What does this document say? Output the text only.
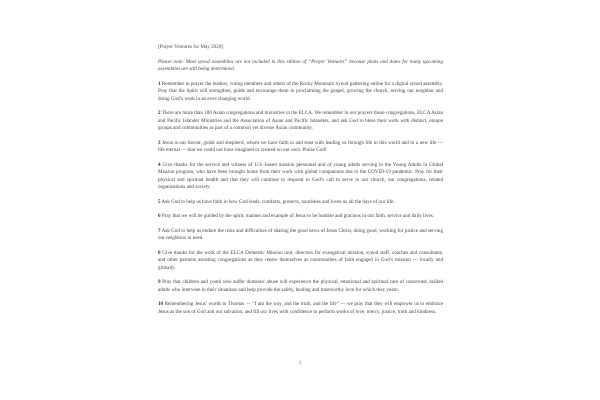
[Prayer Ventures for May 2020]
Please note: Most synod assemblies are not included in this edition of “Prayer Ventures” because plans and dates for many upcoming assemblies are still being determined.
1 Remember in prayer the leaders, voting members and others of the Rocky Mountain Synod gathering online for a digital synod assembly. Pray that the Spirit will strengthen, guide and encourage them in proclaiming the gospel, growing the church, serving our neighbor and doing God’s work in an ever-changing world.
2 There are more than 100 Asian congregations and ministries in the ELCA. We remember in our prayers those congregations, ELCA Asian and Pacific Islander Ministries and the Association of Asian and Pacific Islanders, and ask God to bless their work with distinct, unique groups and communities as part of a common yet diverse Asian community.
3 Jesus is our Savior, guide and shepherd, whom we have faith in and trust with leading us through life in this world and to a new life — life eternal — that we could not have imagined or created on our own. Praise God!
4 Give thanks for the service and witness of U.S.-based mission personnel and of young adults serving in the Young Adults in Global Mission program, who have been brought home from their work with global companions due to the COVID-19 pandemic. Pray for their physical and spiritual health and that they will continue to respond to God’s call to serve in our church, our congregations, related organizations and society.
5 Ask God to help us have faith in how God leads, comforts, protects, nourishes and loves us all the days of our life.
6 Pray that we will be guided by the spirit, manner and example of Jesus to be humble and gracious in our faith, service and daily lives.
7 Ask God to help us endure the risks and difficulties of sharing the good news of Jesus Christ, doing good, working for justice and serving our neighbors in need.
8 Give thanks for the work of the ELCA Domestic Mission unit, directors for evangelical mission, synod staff, coaches and consultants, and other partners assisting congregations as they renew themselves as communities of faith engaged in God’s mission — locally and globally.
9 Pray that children and youth who suffer domestic abuse will experience the physical, emotional and spiritual care of concerned, skilled adults who intervene in their situations and help provide the safety, healing and trustworthy love for which they yearn.
10 Remembering Jesus’ words to Thomas — “I am the way, and the truth, and the life” — we pray that they will empower us to embrace Jesus as the son of God and our salvation, and fill our lives with confidence to perform works of love, mercy, justice, truth and kindness.
1
